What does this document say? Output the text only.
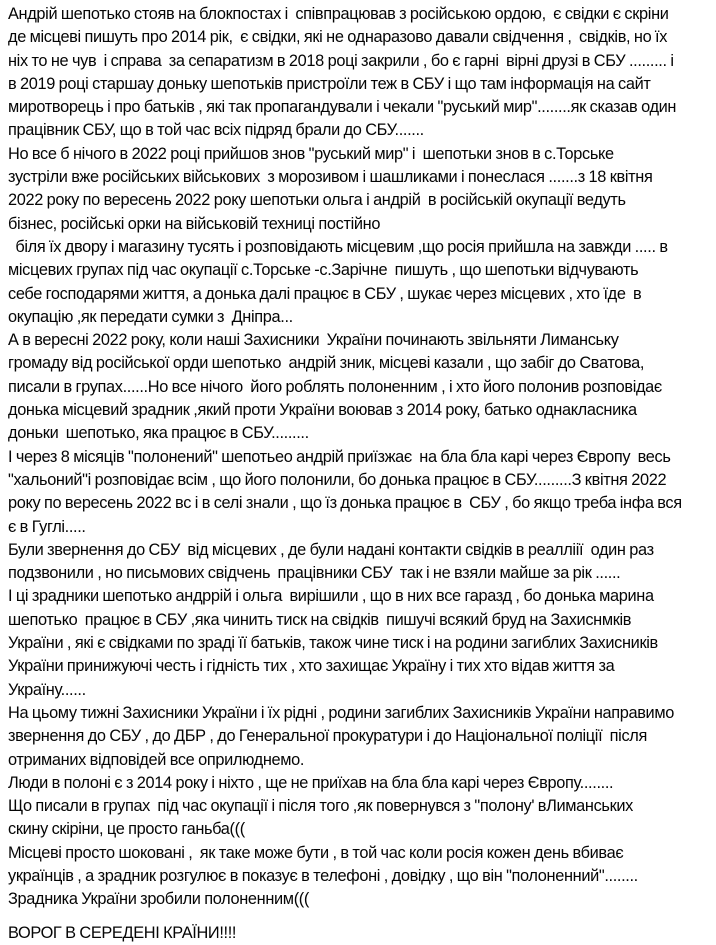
Андрій шепотько стояв на блокпостах і  співпрацював з російською ордою,  є свідки є скріни
де місцеві пишуть про 2014 рік,  є свідки, які не однаразово давали свідчення ,  свідків, но їх
ніх то не чув  і справа  за сепаратизм в 2018 році закрили , бо є гарні  вірні друзі в СБУ ......... і
в 2019 році старшау доньку шепотьків пристроїли теж в СБУ і що там інформація на сайт
миротворець і про батьків , які так пропагандували і чекали "руський мир"........як сказав один
працівник СБУ, що в той час всіх підряд брали до СБУ.......
Но все б нічого в 2022 році прийшов знов "руський мир" і  шепотьки знов в с.Торське
зустріли вже російських військових  з морозивом і шашликами і понеслася .......з 18 квітня
2022 року по вересень 2022 року шепотьки ольга і андрій  в російській окупації ведуть
бізнес, російські орки на військовій техниці постійно
біля їх двору і магазину тусять і розповідають місцевим ,що росія прийшла на завжди ..... в
місцевих групах під час окупації с.Торське -с.Зарічне  пишуть , що шепотьки відчувають
себе господарями життя, а донька далі працює в СБУ , шукає через місцевих , хто їде  в
окупацію ,як передати сумки з  Дніпра...
А в вересні 2022 року, коли наші Захисники  України починають звільняти Лиманську
громаду від російської орди шепотько  андрій зник, місцеві казали , що забіг до Сватова,
писали в групах......Но все нічого  його роблять полоненним , і хто його полонив розповідає
донька місцевий зрадник ,який проти України воював з 2014 року, батько однакласника
доньки  шепотько, яка працює в СБУ.........
І через 8 місяців "полонений" шепотьео андрій приїзжає  на бла бла карі через Європу  весь
"хальоний"і розповідає всім , що його полонили, бо донька працює в СБУ.........З квітня 2022
року по вересень 2022 вс і в селі знали , що їз донька працює в  СБУ , бо якщо треба інфа вся
є в Гуглі.....
Були звернення до СБУ  від місцевих , де були надані контакти свідків в реалліії  один раз
подзвонили , но письмових свідчень  працівники СБУ  так і не взяли майше за рік ......
І ці зрадники шепотько андррій і ольга  вирішили , що в них все гаразд , бо донька марина
шепотько  працює в СБУ ,яка чинить тиск на свідків  пишучі всякий бруд на Захиснмків
України , які є свідками по зраді її батьків, також чине тиск і на родини загиблих Захисників
України принижуючі честь і гідність тих , хто захищає Україну і тих хто відав життя за
Україну......
На цьому тижні Захисники України і їх рідні , родини загиблих Захисників України направимо
звернення до СБУ , до ДБР , до Генеральної прокуратури і до Національної поліції  після
отриманих відповідей все оприлюднемо.
Люди в полоні є з 2014 року і ніхто , ще не приїхав на бла бла карі через Європу........
Що писали в групах  під час окупації і після того ,як повернувся з "полону' вЛиманських
скину скіріни, це просто ганьба(((
Місцеві просто шоковані ,  як таке може бути , в той час коли росія кожен день вбиває
українців , а зрадник розгулює в показує в телефоні , довідку , що він "полоненний"........
Зрадника України зробили полоненним(((
ВОРОГ В СЕРЕДЕНІ КРАЇНИ!!!!
